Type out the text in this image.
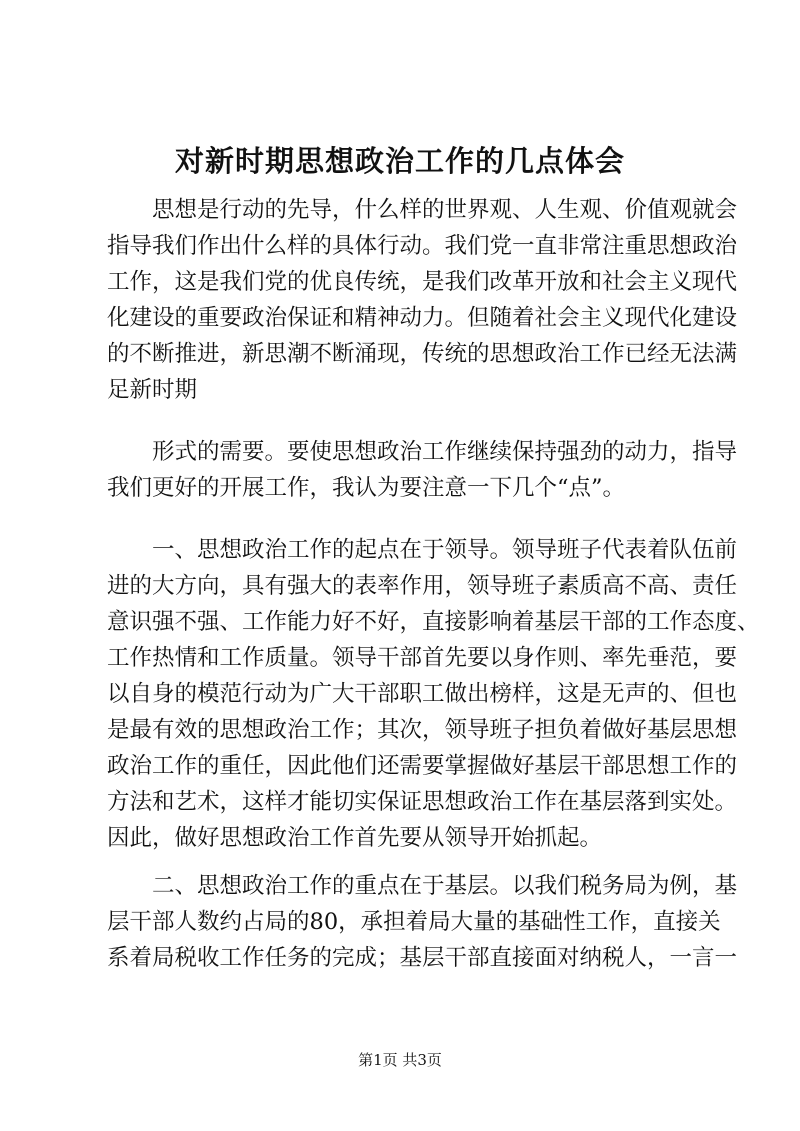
对新时期思想政治工作的几点体会
　　思想是行动的先导，什么样的世界观、人生观、价值观就会
指导我们作出什么样的具体行动。我们党一直非常注重思想政治
工作，这是我们党的优良传统，是我们改革开放和社会主义现代
化建设的重要政治保证和精神动力。但随着社会主义现代化建设
的不断推进，新思潮不断涌现，传统的思想政治工作已经无法满
足新时期
　　形式的需要。要使思想政治工作继续保持强劲的动力，指导
我们更好的开展工作，我认为要注意一下几个“点”。
　　一、思想政治工作的起点在于领导。领导班子代表着队伍前
进的大方向，具有强大的表率作用，领导班子素质高不高、责任
意识强不强、工作能力好不好，直接影响着基层干部的工作态度、
工作热情和工作质量。领导干部首先要以身作则、率先垂范，要
以自身的模范行动为广大干部职工做出榜样，这是无声的、但也
是最有效的思想政治工作；其次，领导班子担负着做好基层思想
政治工作的重任，因此他们还需要掌握做好基层干部思想工作的
方法和艺术，这样才能切实保证思想政治工作在基层落到实处。
因此，做好思想政治工作首先要从领导开始抓起。
　　二、思想政治工作的重点在于基层。以我们税务局为例，基
层干部人数约占局的80，承担着局大量的基础性工作，直接关
系着局税收工作任务的完成；基层干部直接面对纳税人，一言一
第1页 共3页
